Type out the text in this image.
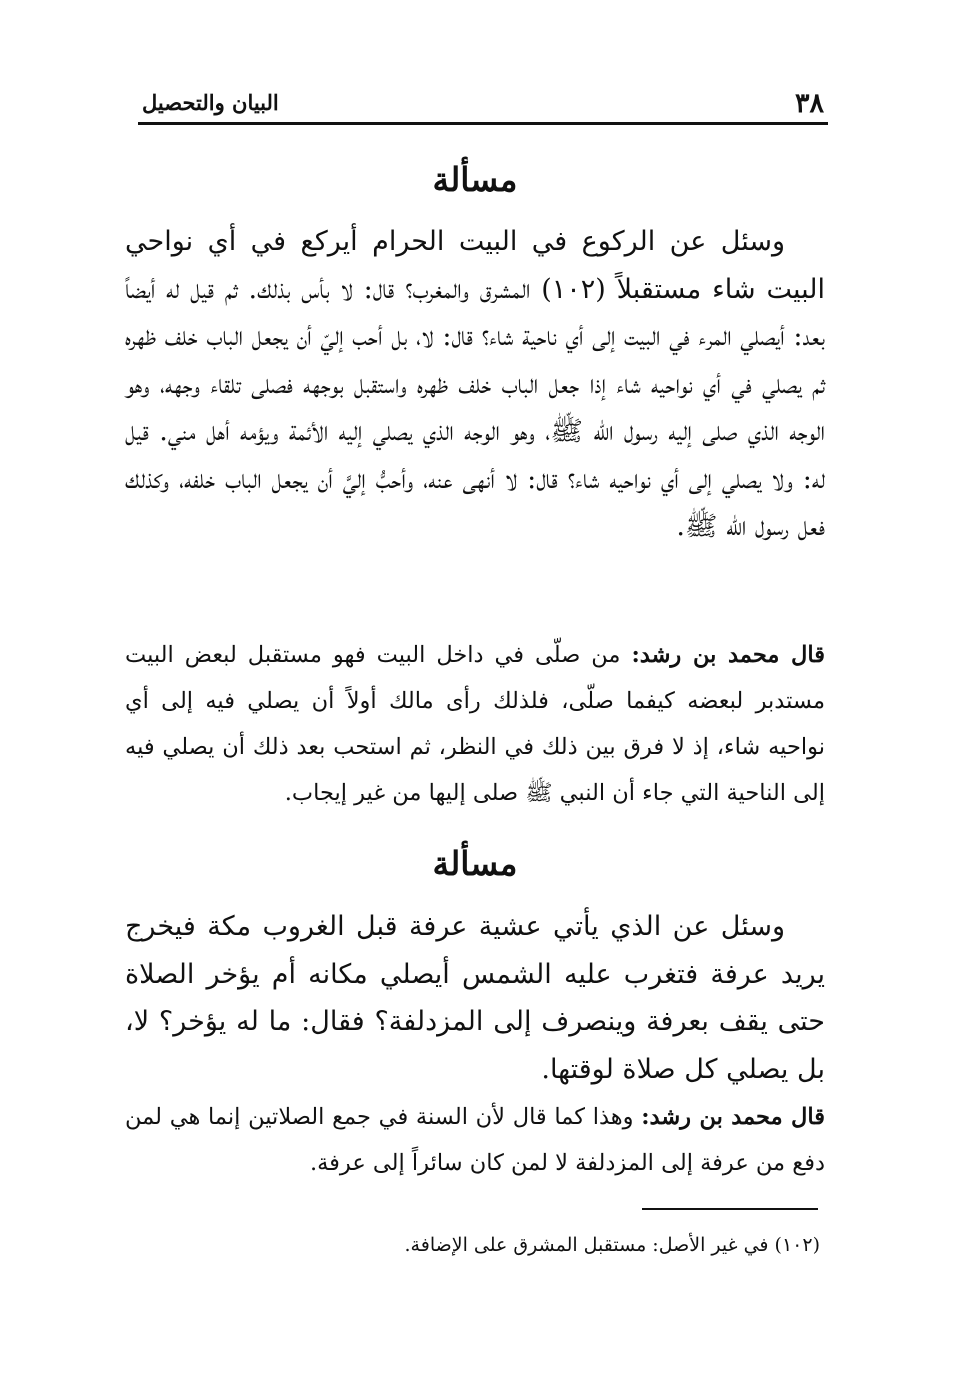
٣٨
البيان والتحصيل
مسألة
وسئل عن الركوع في البيت الحرام أيركع في أي نواحي البيت شاء مستقبلاً (١٠٢) المشرق والمغرب؟ قال: لا بأس بذلك. ثم قيل له أيضاً بعد: أيصلي المرء في البيت إلى أي ناحية شاء؟ قال: لا، بل أحب إليّ أن يجعل الباب خلف ظهره ثم يصلي في أي نواحيه شاء إذا جعل الباب خلف ظهره واستقبل بوجهه فصلى تلقاء وجهه، وهو الوجه الذي صلى إليه رسول الله ﷺ، وهو الوجه الذي يصلي إليه الأئمة ويؤمه أهل مني. قيل له: ولا يصلي إلى أي نواحيه شاء؟ قال: لا أنهى عنه، وأحبُّ إليَّ أن يجعل الباب خلفه، وكذلك فعل رسول الله ﷺ.
قال محمد بن رشد: من صلّى في داخل البيت فهو مستقبل لبعض البيت مستدبر لبعضه كيفما صلّى، فلذلك رأى مالك أولاً أن يصلي فيه إلى أي نواحيه شاء، إذ لا فرق بين ذلك في النظر، ثم استحب بعد ذلك أن يصلي فيه إلى الناحية التي جاء أن النبي ﷺ صلى إليها من غير إيجاب.
مسألة
وسئل عن الذي يأتي عشية عرفة قبل الغروب مكة فيخرج يريد عرفة فتغرب عليه الشمس أيصلي مكانه أم يؤخر الصلاة حتى يقف بعرفة وينصرف إلى المزدلفة؟ فقال: ما له يؤخر؟ لا، بل يصلي كل صلاة لوقتها.
قال محمد بن رشد: وهذا كما قال لأن السنة في جمع الصلاتين إنما هي لمن دفع من عرفة إلى المزدلفة لا لمن كان سائراً إلى عرفة.
(١٠٢) في غير الأصل: مستقبل المشرق على الإضافة.
